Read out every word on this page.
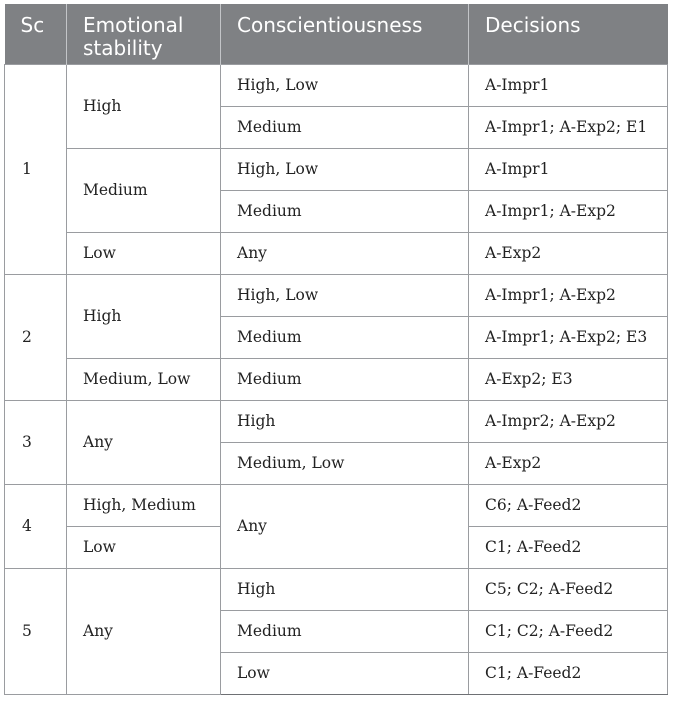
Sc	Emotional stability	Conscientiousness	Decisions
1	High	High, Low	A-Impr1
		Medium	A-Impr1; A-Exp2; E1
	Medium	High, Low	A-Impr1
		Medium	A-Impr1; A-Exp2
	Low	Any	A-Exp2
2	High	High, Low	A-Impr1; A-Exp2
		Medium	A-Impr1; A-Exp2; E3
	Medium, Low	Medium	A-Exp2; E3
3	Any	High	A-Impr2; A-Exp2
		Medium, Low	A-Exp2
4	High, Medium	Any	C6; A-Feed2
	Low		C1; A-Feed2
5	Any	High	C5; C2; A-Feed2
		Medium	C1; C2; A-Feed2
		Low	C1; A-Feed2
